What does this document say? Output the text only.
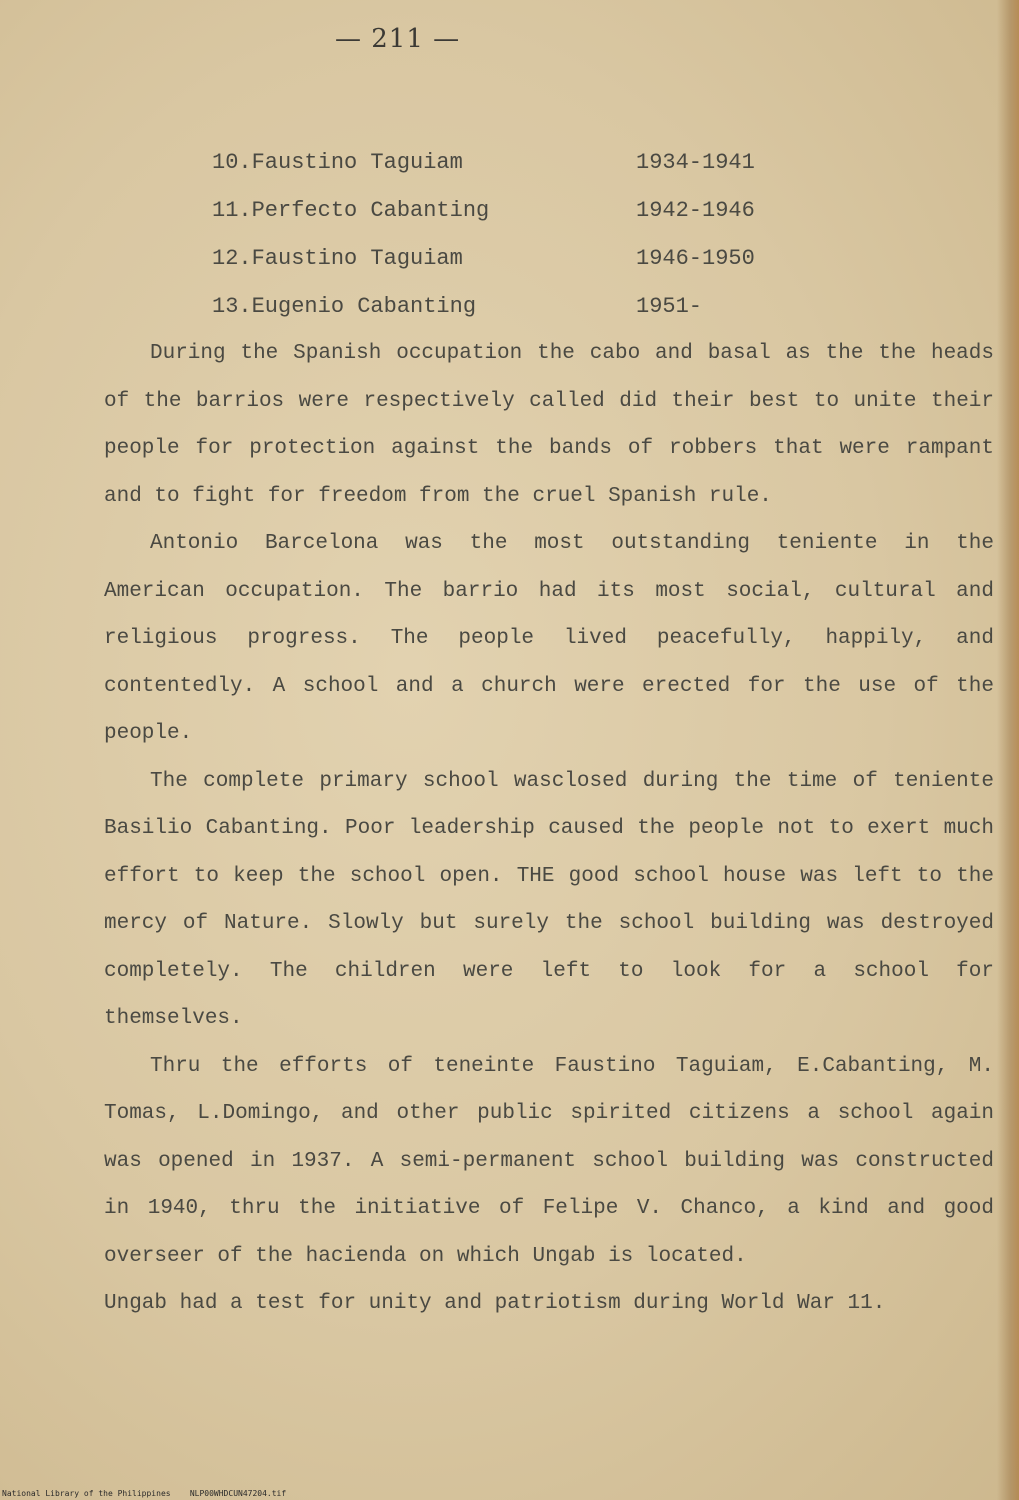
— 211 —
10.Faustino Taguiam	1934-1941
11.Perfecto Cabanting	1942-1946
12.Faustino Taguiam	1946-1950
13.Eugenio Cabanting	1951-

During the Spanish occupation the cabo and basal as the the heads of the barrios were respectively called did their best to unite their people for protection against the bands of robbers that were rampant and to fight for freedom from the cruel Spanish rule.

Antonio Barcelona was the most outstanding teniente in the American occupation. The barrio had its most social, cultural and religious progress. The people lived peacefully, happily, and contentedly. A school and a church were erected for the use of the people.

The complete primary school wasclosed during the time of teniente Basilio Cabanting. Poor leadership caused the people not to exert much effort to keep the school open. THE good school house was left to the mercy of Nature. Slowly but surely the school building was destroyed completely. The children were left to look for a school for themselves.

Thru the efforts of teneinte Faustino Taguiam, E.Cabanting, M. Tomas, L.Domingo, and other public spirited citizens a school again was opened in 1937. A semi-permanent school building was constructed in 1940, thru the initiative of Felipe V. Chanco, a kind and good overseer of the hacienda on which Ungab is located.

Ungab had a test for unity and patriotism during World War 11.

National Library of the Philippines NLP00WHDCUN47204.tif
